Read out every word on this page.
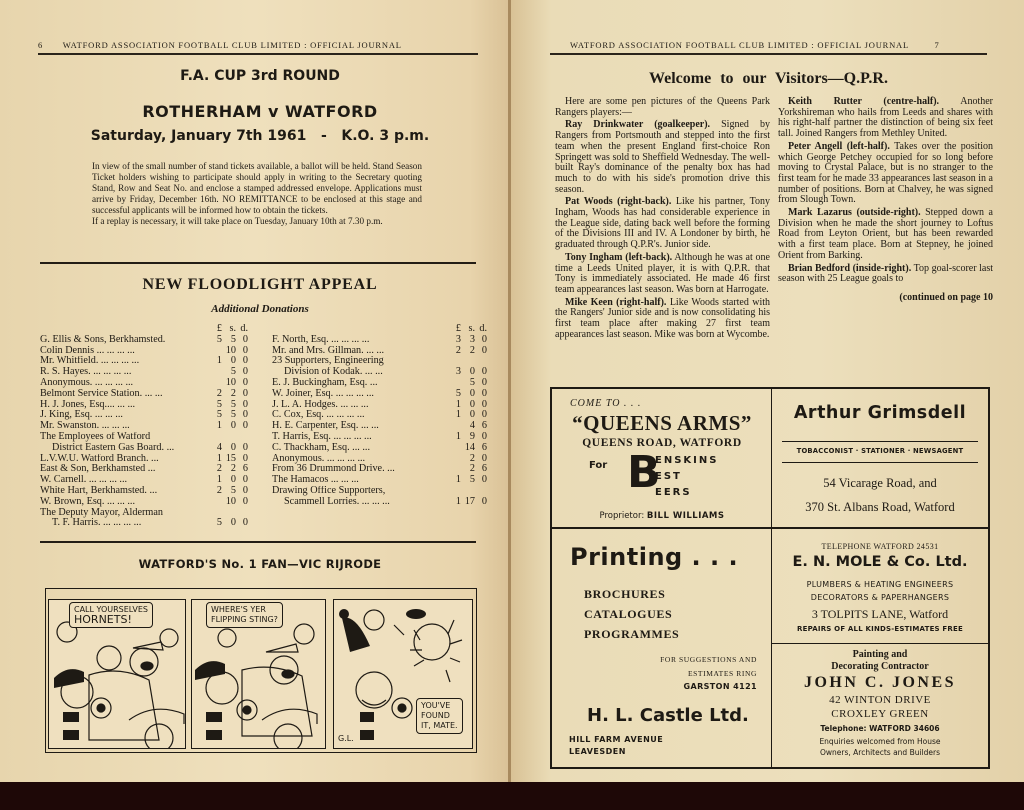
6 WATFORD ASSOCIATION FOOTBALL CLUB LIMITED : OFFICIAL JOURNAL
F.A. CUP 3rd ROUND
ROTHERHAM v WATFORD
Saturday, January 7th 1961   -   K.O. 3 p.m.
In view of the small number of stand tickets available, a ballot will be held. Stand Season Ticket holders wishing to participate should apply in writing to the Secretary quoting Stand, Row and Seat No. and enclose a stamped addressed envelope. Applications must arrive by Friday, December 16th. NO REMITTANCE to be enclosed at this stage and successful applicants will be informed how to obtain the tickets.
If a replay is necessary, it will take place on Tuesday, January 10th at 7.30 p.m.
NEW FLOODLIGHT APPEAL
Additional Donations
£ s. d.
G. Ellis & Sons, Berkhamsted.	5 5 0
Colin Dennis ... ... ... ...	10 0
Mr. Whitfield. ... ... ... ...	1 0 0
R. S. Hayes. ... ... ... ...	5 0
Anonymous. ... ... ... ...	10 0
Belmont Service Station. ... ...	2 2 0
H. J. Jones, Esq.... ... ...	5 5 0
J. King, Esq. ... ... ...	5 5 0
Mr. Swanston. ... ... ...	1 0 0
The Employees of Watford
District Eastern Gas Board. ...	4 0 0
L.V.W.U. Watford Branch. ...	1 15 0
East & Son, Berkhamsted ...	2 2 6
W. Carnell. ... ... ... ...	1 0 0
White Hart, Berkhamsted. ...	2 5 0
W. Brown, Esq. ... ... ...	10 0
The Deputy Mayor, Alderman
T. F. Harris. ... ... ... ...	5 0 0
£ s. d.
F. North, Esq. ... ... ... ...	3 3 0
Mr. and Mrs. Gillman. ... ...	2 2 0
23 Supporters, Engineering
Division of Kodak. ... ...	3 0 0
E. J. Buckingham, Esq. ...	5 0
W. Joiner, Esq. ... ... ... ...	5 0 0
J. L. A. Hodges. ... ... ...	1 0 0
C. Cox, Esq. ... ... ... ...	1 0 0
H. E. Carpenter, Esq. ... ...	4 6
T. Harris, Esq. ... ... ... ...	1 9 0
C. Thackham, Esq. ... ...	14 6
Anonymous. ... ... ... ...	2 0
From 36 Drummond Drive. ...	2 6
The Hamacos ... ... ...	1 5 0
Drawing Office Supporters,
Scammell Lorries. ... ... ...	1 17 0
WATFORD'S No. 1 FAN—VIC RIJRODE
CALL YOURSELVES
HORNETS!
WHERE'S YER
FLIPPING STING?
YOU'VE
FOUND
IT, MATE.
G.L.
WATFORD ASSOCIATION FOOTBALL CLUB LIMITED : OFFICIAL JOURNAL	7
Welcome to our Visitors—Q.P.R.

Here are some pen pictures of the Queens Park Rangers players:—

Ray Drinkwater (goalkeeper). Signed by Rangers from Portsmouth and stepped into the first team when the present England first-choice Ron Springett was sold to Sheffield Wednesday. The well-built Ray's dominance of the penalty box has had much to do with his side's promotion drive this season.

Pat Woods (right-back). Like his partner, Tony Ingham, Woods has had considerable experience in the League side, dating back well before the forming of the Divisions III and IV. A Londoner by birth, he graduated through Q.P.R's. Junior side.

Tony Ingham (left-back). Although he was at one time a Leeds United player, it is with Q.P.R. that Tony is immediately associated. He made 46 first team appearances last season. Was born at Harrogate.

Mike Keen (right-half). Like Woods started with the Rangers' Junior side and is now consolidating his first team place after making 27 first team appearances last season. Mike was born at Wycombe.

Keith Rutter (centre-half). Another Yorkshireman who hails from Leeds and shares with his right-half partner the distinction of being six feet tall. Joined Rangers from Methley United.

Peter Angell (left-half). Takes over the position which George Petchey occupied for so long before moving to Crystal Palace, but is no stranger to the first team for he made 33 appearances last season in a number of positions. Born at Chalvey, he was signed from Slough Town.

Mark Lazarus (outside-right). Stepped down a Division when he made the short journey to Loftus Road from Leyton Orient, but has been rewarded with a first team place. Born at Stepney, he joined Orient from Barking.

Brian Bedford (inside-right). Top goal-scorer last season with 25 League goals to

(continued on page 10
COME TO . . .
“QUEENS ARMS”
QUEENS ROAD, WATFORD
For B
ENSKINS
EST
EERS
Proprietor: BILL WILLIAMS
Arthur Grimsdell
TOBACCONIST · STATIONER · NEWSAGENT
54 Vicarage Road, and
370 St. Albans Road, Watford
Printing . . .
BROCHURES
CATALOGUES
PROGRAMMES
FOR SUGGESTIONS AND
ESTIMATES RING
GARSTON 4121
H. L. Castle Ltd.
HILL FARM AVENUE
LEAVESDEN
TELEPHONE WATFORD 24531
E. N. MOLE & Co. Ltd.
PLUMBERS & HEATING ENGINEERS
DECORATORS & PAPERHANGERS
3 TOLPITS LANE, Watford
REPAIRS OF ALL KINDS-ESTIMATES FREE
Painting and
Decorating Contractor
JOHN C. JONES
42 WINTON DRIVE
CROXLEY GREEN
Telephone: WATFORD 34606
Enquiries welcomed from House
Owners, Architects and Builders
